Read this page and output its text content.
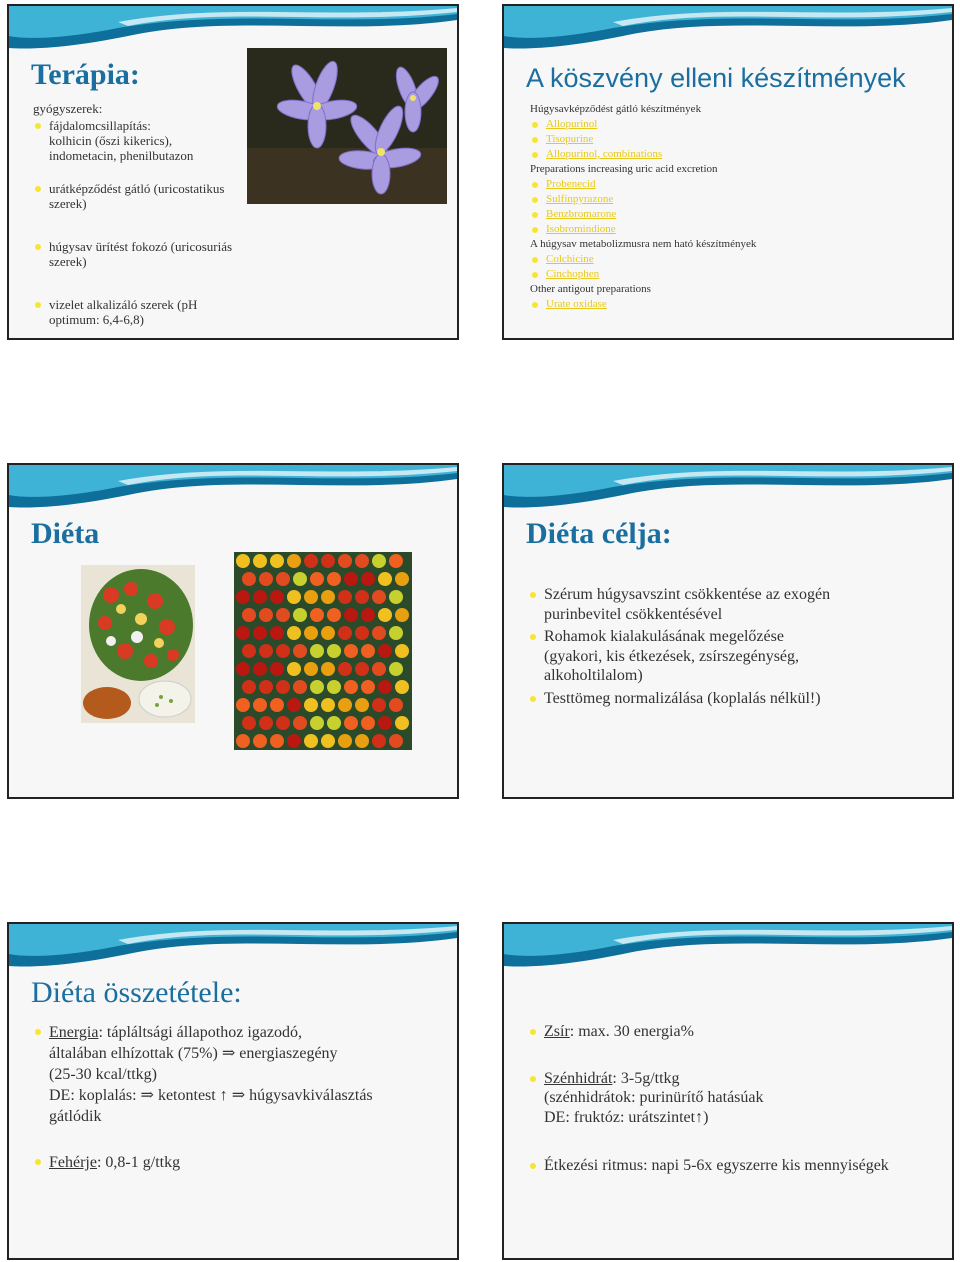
Terápia:
gyógyszerek:
fájdalomcsillapítás:
kolhicin (őszi kikerics),
indometacin, phenilbutazon
urátképződést gátló (uricostatikus
szerek)
húgysav ürítést fokozó (uricosuriás
szerek)
vizelet alkalizáló szerek (pH
optimum: 6,4-6,8)
A köszvény elleni készítmények
Húgysavképződést gátló készítmények
Allopurinol
Tisopurine
Allopurinol, combinations
Preparations increasing uric acid excretion
Probenecid
Sulfinpyrazone
Benzbromarone
Isobromindione
A húgysav metabolizmusra nem ható készítmények
Colchicine
Cinchophen
Other antigout preparations
Urate oxidase
Diéta	Diéta célja:
Szérum húgysavszint csökkentése az exogén
purinbevitel csökkentésével
Rohamok kialakulásának megelőzése
(gyakori, kis étkezések, zsírszegénység,
alkoholtilalom)
Testtömeg normalizálása (koplalás nélkül!)
Diéta összetétele:
Energia: tápláltsági állapothoz igazodó,
általában elhízottak (75%) ⇒ energiaszegény
(25-30 kcal/ttkg)
DE: koplalás: ⇒ ketontest ↑ ⇒ húgysavkiválasztás
gátlódik
Fehérje: 0,8-1 g/ttkg
Zsír: max. 30 energia%
Szénhidrát: 3-5g/ttkg
(szénhidrátok: purinürítő hatásúak
DE: fruktóz: urátszintet↑)
Étkezési ritmus: napi 5-6x egyszerre kis mennyiségek
